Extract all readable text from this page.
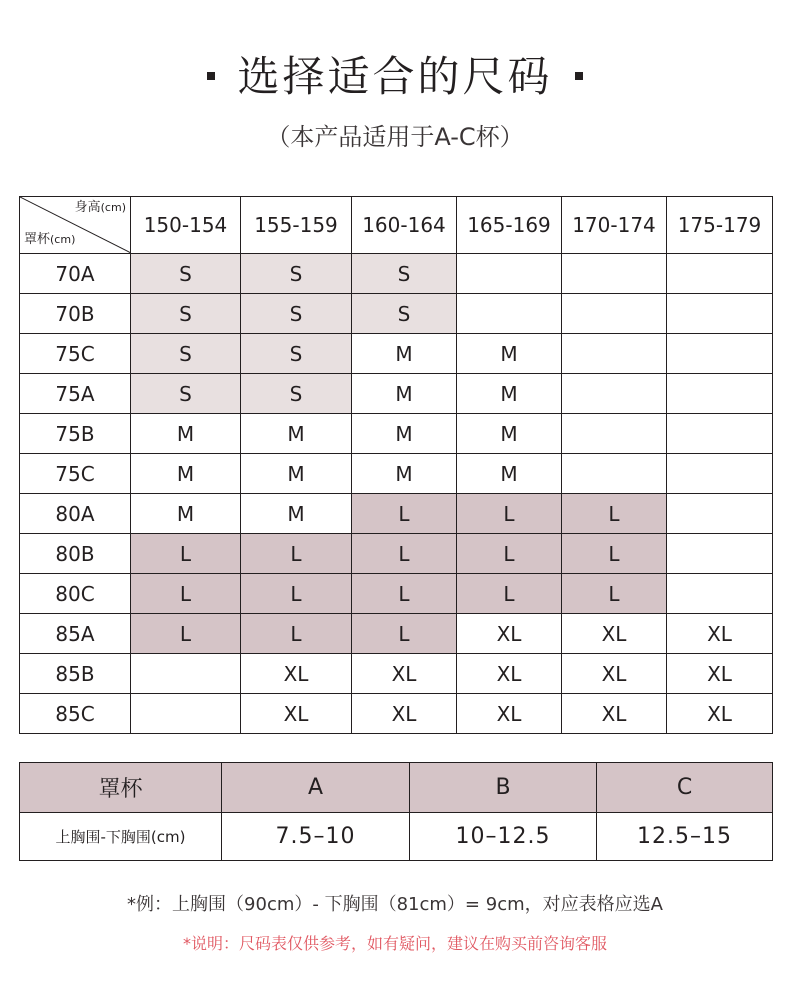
选择适合的尺码
（本产品适用于A-C杯）
身高(cm)
罩杯(cm)	150-154	155-159	160-164	165-169	170-174	175-179
70A	S	S	S			
70B	S	S	S			
75C	S	S	M	M		
75A	S	S	M	M		
75B	M	M	M	M		
75C	M	M	M	M		
80A	M	M	L	L	L	
80B	L	L	L	L	L	
80C	L	L	L	L	L	
85A	L	L	L	XL	XL	XL
85B		XL	XL	XL	XL	XL
85C		XL	XL	XL	XL	XL
罩杯	A	B	C
上胸围-下胸围(cm)	7.5–10	10–12.5	12.5–15
*例：上胸围（90cm）- 下胸围（81cm）= 9cm，对应表格应选A
*说明：尺码表仅供参考，如有疑问，建议在购买前咨询客服
